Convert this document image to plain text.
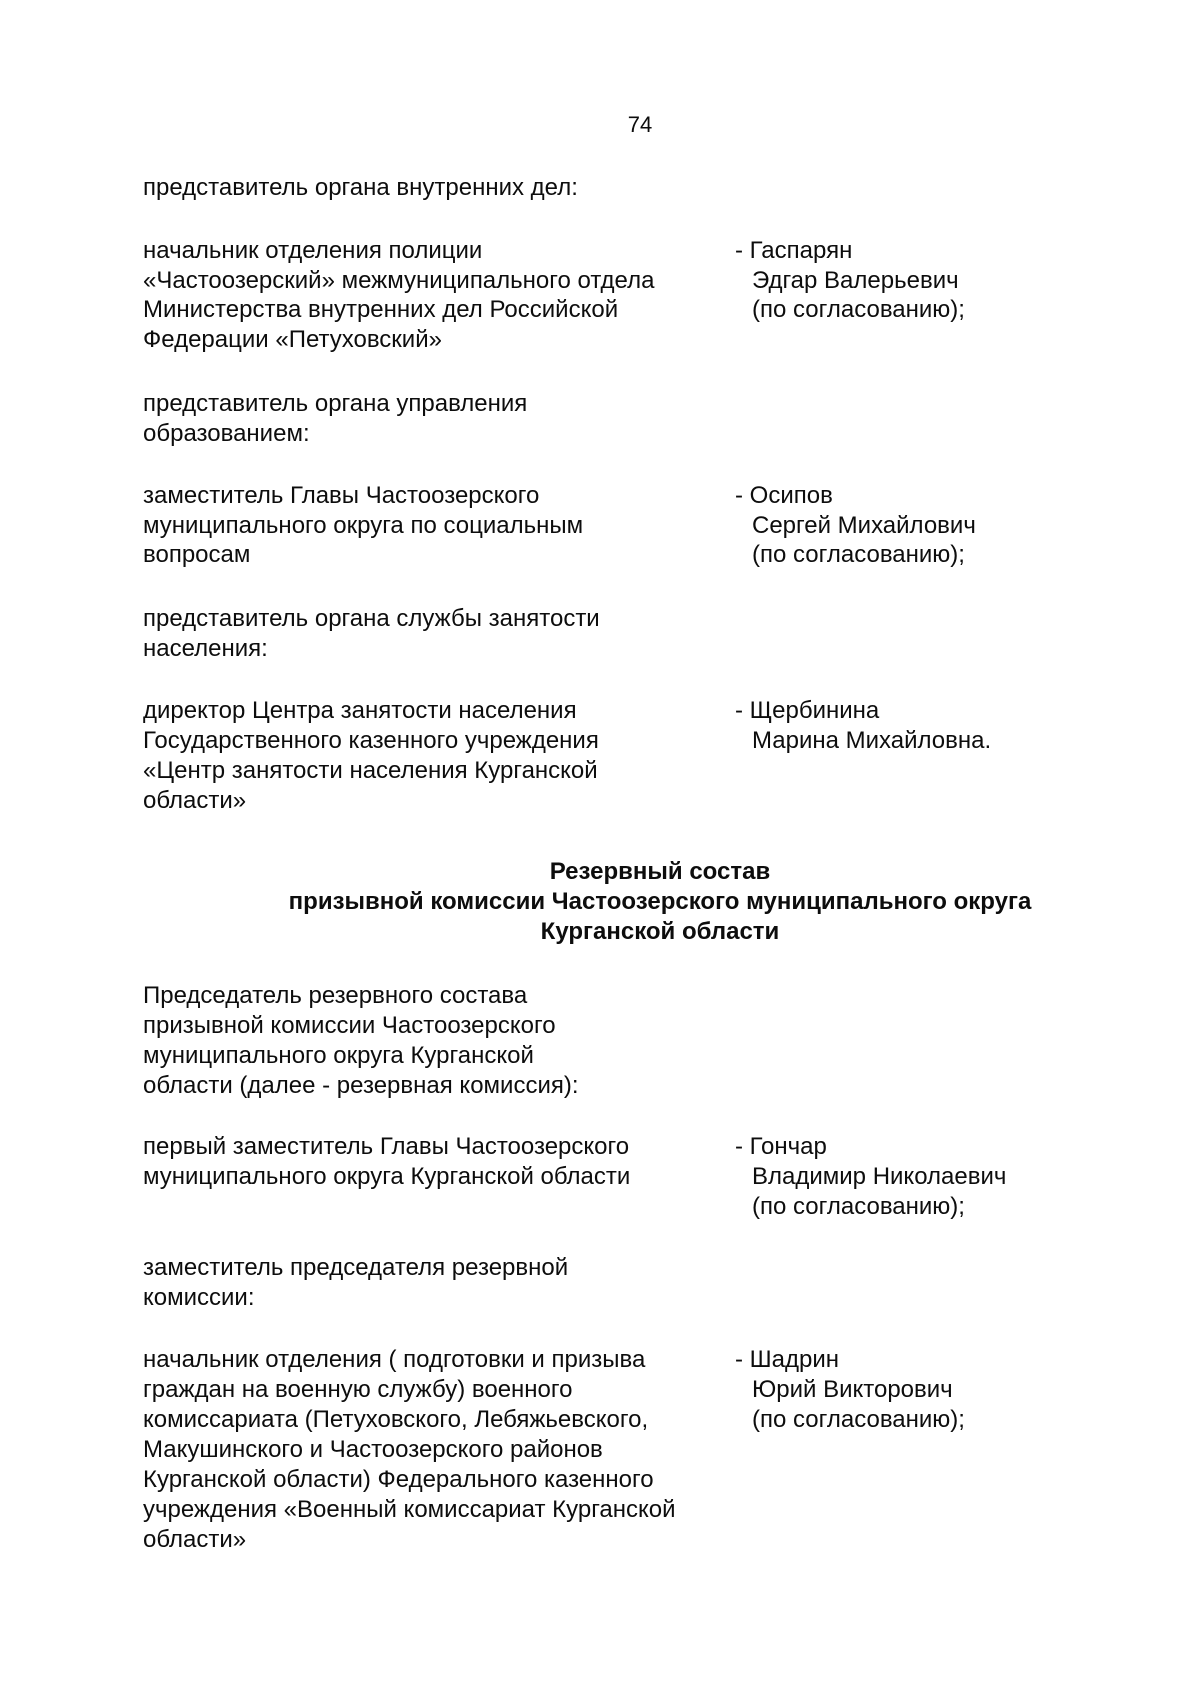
74
представитель органа внутренних дел:
начальник отделения полиции
«Частоозерский» межмуниципального отдела
Министерства внутренних дел Российской
Федерации «Петуховский»
- Гаспарян
Эдгар Валерьевич
(по согласованию);
представитель органа управления
образованием:
заместитель Главы Частоозерского
муниципального округа по социальным
вопросам
- Осипов
Сергей Михайлович
(по согласованию);
представитель органа службы занятости
населения:
директор Центра занятости населения
Государственного казенного учреждения
«Центр занятости населения Курганской
области»
- Щербинина
Марина Михайловна.
Резервный состав
призывной комиссии Частоозерского муниципального округа
Курганской области
Председатель резервного состава
призывной комиссии Частоозерского
муниципального округа Курганской
области (далее - резервная комиссия):
первый заместитель Главы Частоозерского
муниципального округа Курганской области
- Гончар
Владимир Николаевич
(по согласованию);
заместитель председателя резервной
комиссии:
начальник отделения ( подготовки и призыва
граждан на военную службу) военного
комиссариата (Петуховского, Лебяжьевского,
Макушинского и Частоозерского районов
Курганской области) Федерального казенного
учреждения «Военный комиссариат Курганской
области»
- Шадрин
Юрий Викторович
(по согласованию);
